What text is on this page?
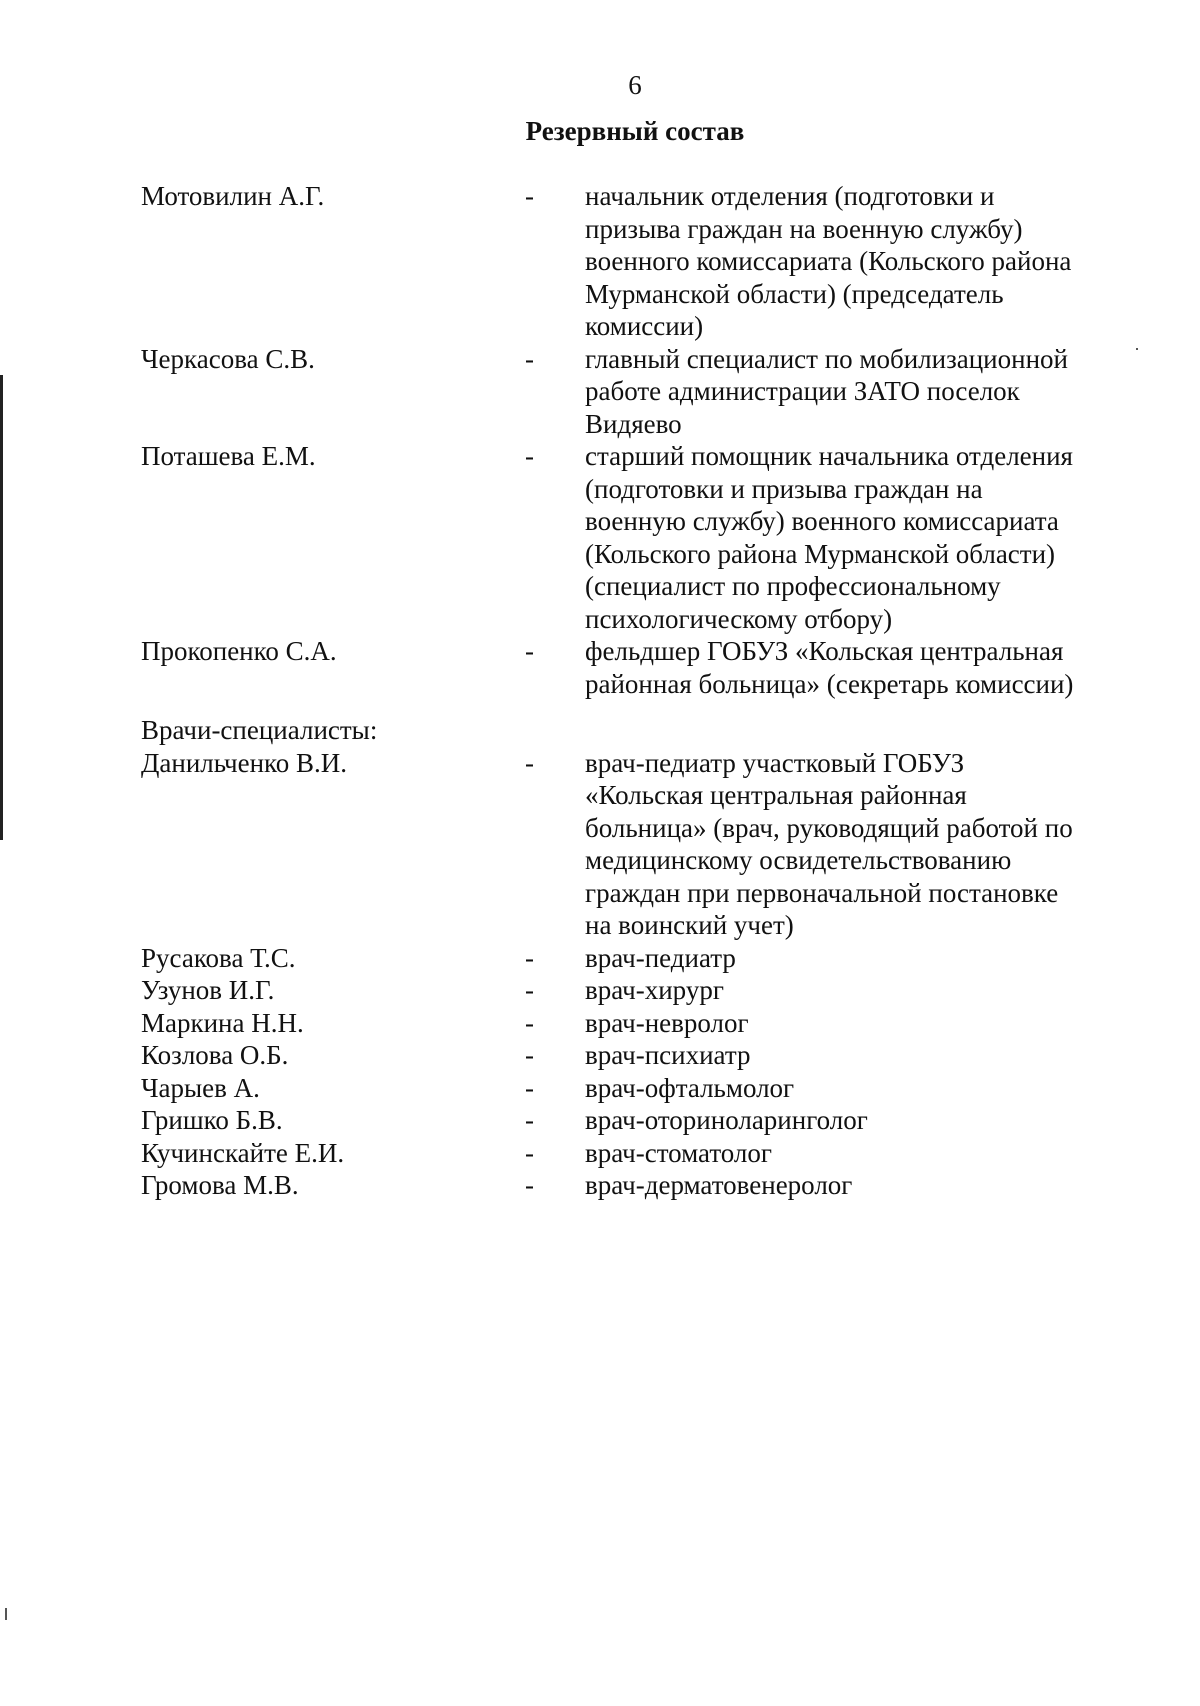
6
Резервный состав
Мотовилин А.Г.	-	начальник отделения (подготовки и
призыва граждан на военную службу)
военного комиссариата (Кольского района
Мурманской области) (председатель
комиссии)
Черкасова С.В.	-	главный специалист по мобилизационной
работе администрации ЗАТО поселок
Видяево
Поташева Е.М.	-	старший помощник начальника отделения
(подготовки и призыва граждан на
военную службу) военного комиссариата
(Кольского района Мурманской области)
(специалист по профессиональному
психологическому отбору)
Прокопенко С.А.	-	фельдшер ГОБУЗ «Кольская центральная
районная больница» (секретарь комиссии)
Врачи-специалисты:
Данильченко В.И.	-	врач-педиатр участковый ГОБУЗ
«Кольская центральная районная
больница» (врач, руководящий работой по
медицинскому освидетельствованию
граждан при первоначальной постановке
на воинский учет)
Русакова Т.С.	-	врач-педиатр
Узунов И.Г.	-	врач-хирург
Маркина Н.Н.	-	врач-невролог
Козлова О.Б.	-	врач-психиатр
Чарыев А.	-	врач-офтальмолог
Гришко Б.В.	-	врач-оториноларинголог
Кучинскайте Е.И.	-	врач-стоматолог
Громова М.В.	-	врач-дерматовенеролог
